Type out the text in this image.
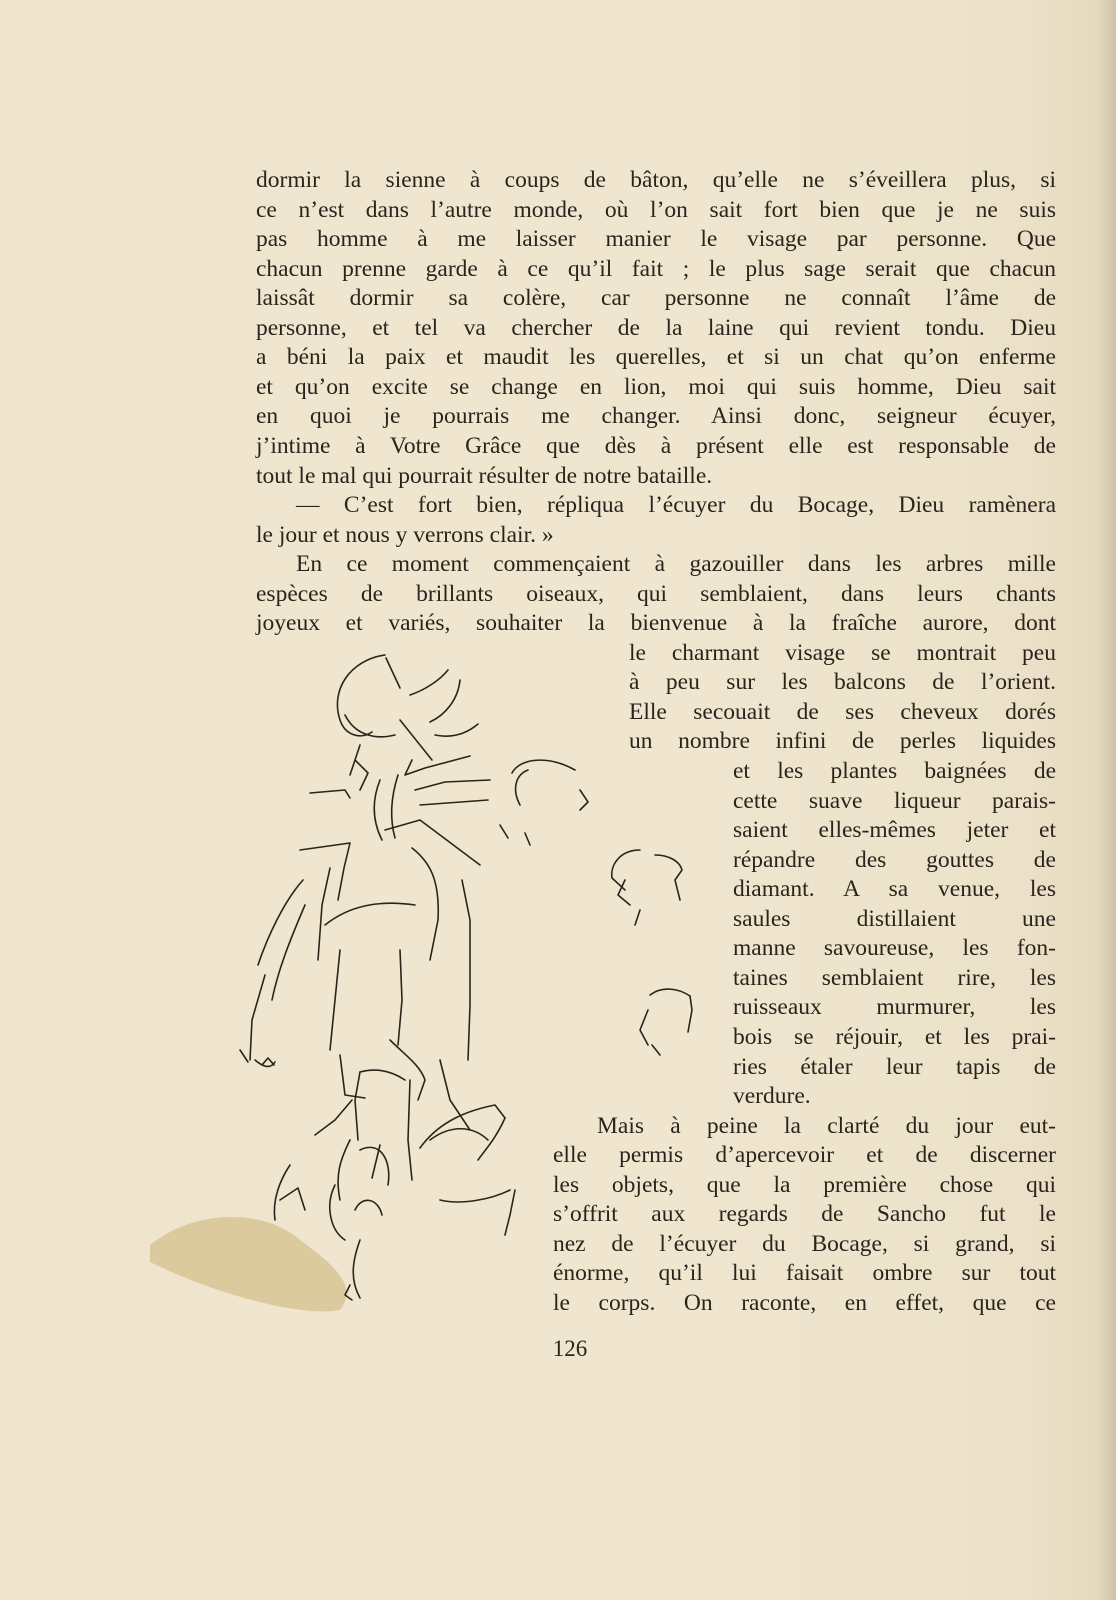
dormir la sienne à coups de bâton, qu’elle ne s’éveillera plus, si
ce n’est dans l’autre monde, où l’on sait fort bien que je ne suis
pas homme à me laisser manier le visage par personne. Que
chacun prenne garde à ce qu’il fait ; le plus sage serait que chacun
laissât dormir sa colère, car personne ne connaît l’âme de
personne, et tel va chercher de la laine qui revient tondu. Dieu
a béni la paix et maudit les querelles, et si un chat qu’on enferme
et qu’on excite se change en lion, moi qui suis homme, Dieu sait
en quoi je pourrais me changer. Ainsi donc, seigneur écuyer,
j’intime à Votre Grâce que dès à présent elle est responsable de
tout le mal qui pourrait résulter de notre bataille.
— C’est fort bien, répliqua l’écuyer du Bocage, Dieu ramènera
le jour et nous y verrons clair. »
En ce moment commençaient à gazouiller dans les arbres mille
espèces de brillants oiseaux, qui semblaient, dans leurs chants
joyeux et variés, souhaiter la bienvenue à la fraîche aurore, dont
le charmant visage se montrait peu
à peu sur les balcons de l’orient.
Elle secouait de ses cheveux dorés
un nombre infini de perles liquides
et les plantes baignées de
cette suave liqueur parais-
saient elles-mêmes jeter et
répandre des gouttes de
diamant. A sa venue, les
saules distillaient une
manne savoureuse, les fon-
taines semblaient rire, les
ruisseaux murmurer, les
bois se réjouir, et les prai-
ries étaler leur tapis de
verdure.
Mais à peine la clarté du jour eut-
elle permis d’apercevoir et de discerner
les objets, que la première chose qui
s’offrit aux regards de Sancho fut le
nez de l’écuyer du Bocage, si grand, si
énorme, qu’il lui faisait ombre sur tout
le corps. On raconte, en effet, que ce
126
